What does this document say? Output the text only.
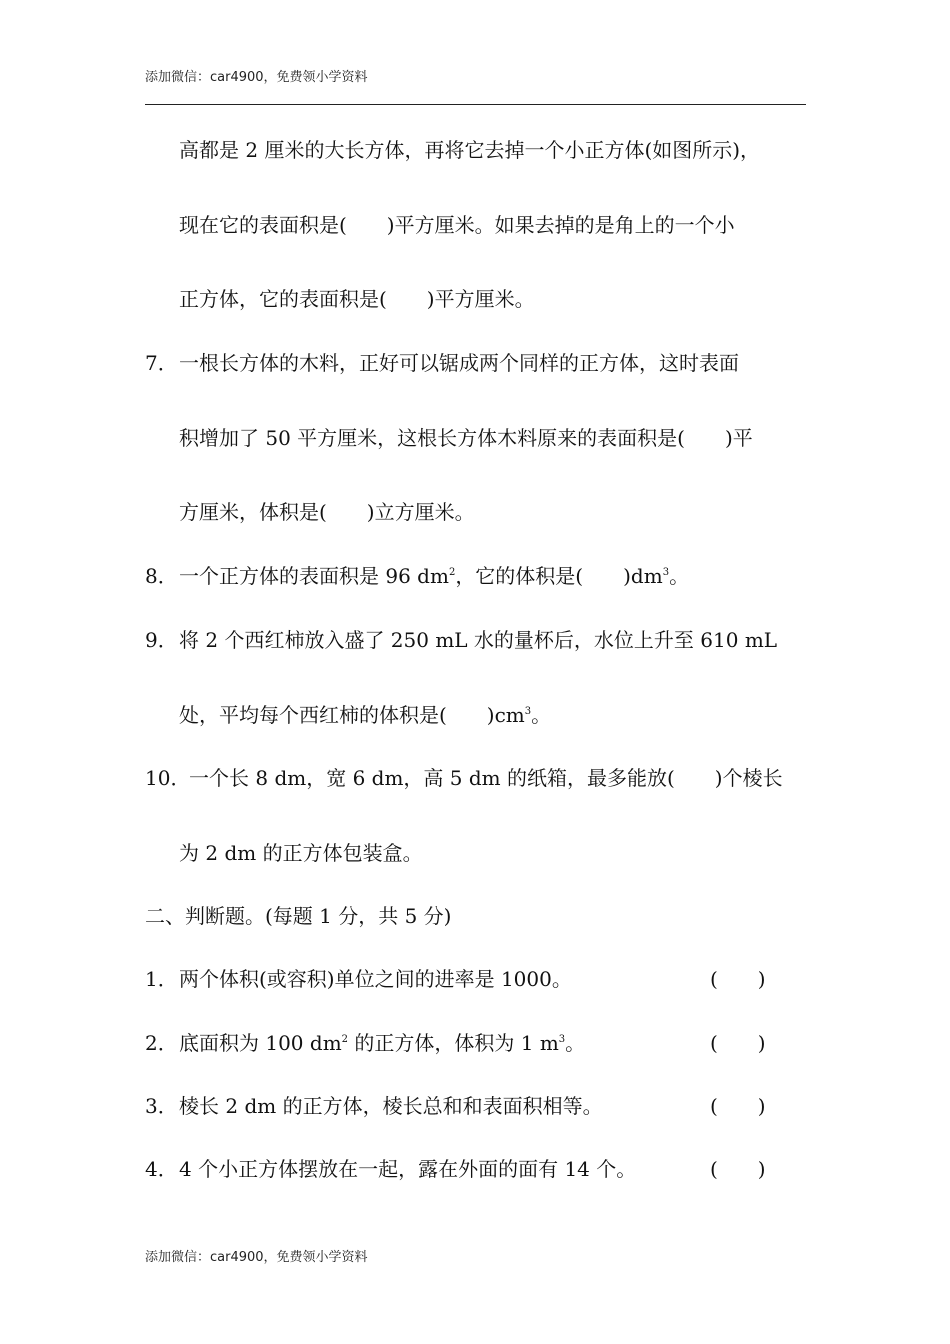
添加微信：car4900，免费领小学资料
高都是 2 厘米的大长方体，再将它去掉一个小正方体(如图所示)，
现在它的表面积是(　　)平方厘米。如果去掉的是角上的一个小
正方体，它的表面积是(　　)平方厘米。
7． 一根长方体的木料，正好可以锯成两个同样的正方体，这时表面
积增加了 50 平方厘米，这根长方体木料原来的表面积是(　　)平
方厘米，体积是(　　)立方厘米。
8． 一个正方体的表面积是 96 $dm^2$，它的体积是(　　)$dm^3$。
9． 将 2 个西红柿放入盛了 250 mL 水的量杯后，水位上升至 610 mL
处，平均每个西红柿的体积是(　　)$cm^3$。
10．
一个长 8 dm，宽 6 dm，高 5 dm 的纸箱，最多能放(　　)个棱长
为 2 dm 的正方体包装盒。
二、判断题。(每题 1 分，共 5 分)
1． 两个体积(或容积)单位之间的进率是 1000。	(　　)
2． 底面积为 100 $dm^2$ 的正方体，体积为 1 $m^3$。	(　　)
3． 棱长 2 dm 的正方体，棱长总和和表面积相等。	(　　)
4． 4 个小正方体摆放在一起，露在外面的面有 14 个。	(　　)
添加微信：car4900，免费领小学资料
